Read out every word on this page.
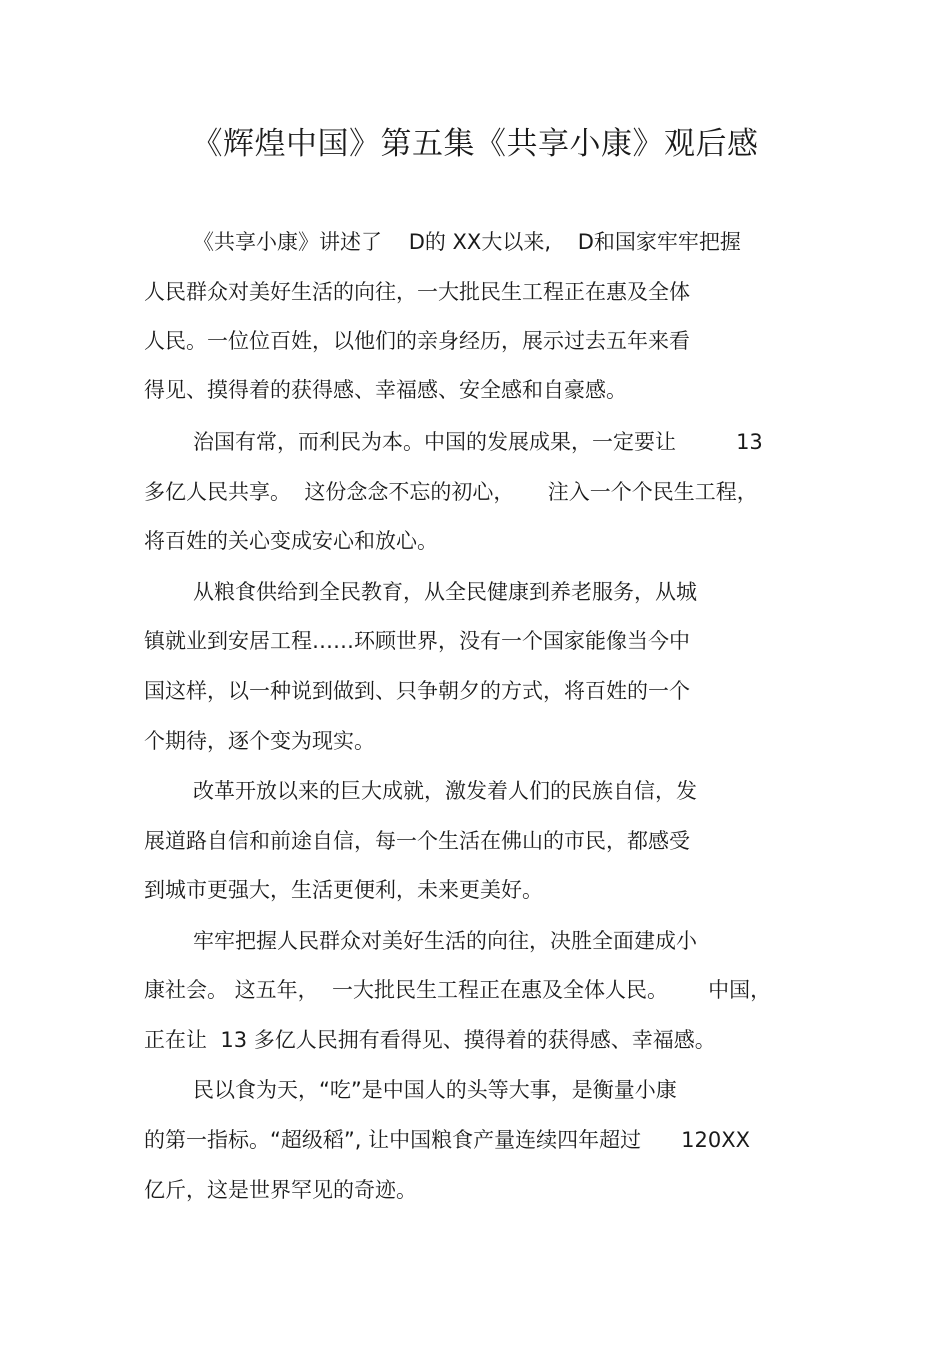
《辉煌中国》第五集《共享小康》观后感

《共享小康》讲述了    D的 XX大以来,    D和国家牢牢把握

人民群众对美好生活的向往，一大批民生工程正在惠及全体

人民。一位位百姓，以他们的亲身经历，展示过去五年来看

得见、摸得着的获得感、幸福感、安全感和自豪感。

治国有常，而利民为本。中国的发展成果，一定要让         13

多亿人民共享。  这份念念不忘的初心，     注入一个个民生工程，

将百姓的关心变成安心和放心。

从粮食供给到全民教育，从全民健康到养老服务，从城

镇就业到安居工程……环顾世界，没有一个国家能像当今中

国这样，以一种说到做到、只争朝夕的方式，将百姓的一个

个期待，逐个变为现实。

改革开放以来的巨大成就，激发着人们的民族自信，发

展道路自信和前途自信，每一个生活在佛山的市民，都感受

到城市更强大，生活更便利，未来更美好。

牢牢把握人民群众对美好生活的向往，决胜全面建成小

康社会。 这五年，  一大批民生工程正在惠及全体人民。      中国，

正在让  13 多亿人民拥有看得见、摸得着的获得感、幸福感。

民以食为天，“吃”是中国人的头等大事，是衡量小康

的第一指标。“超级稻”, 让中国粮食产量连续四年超过      120XX

亿斤，这是世界罕见的奇迹。
